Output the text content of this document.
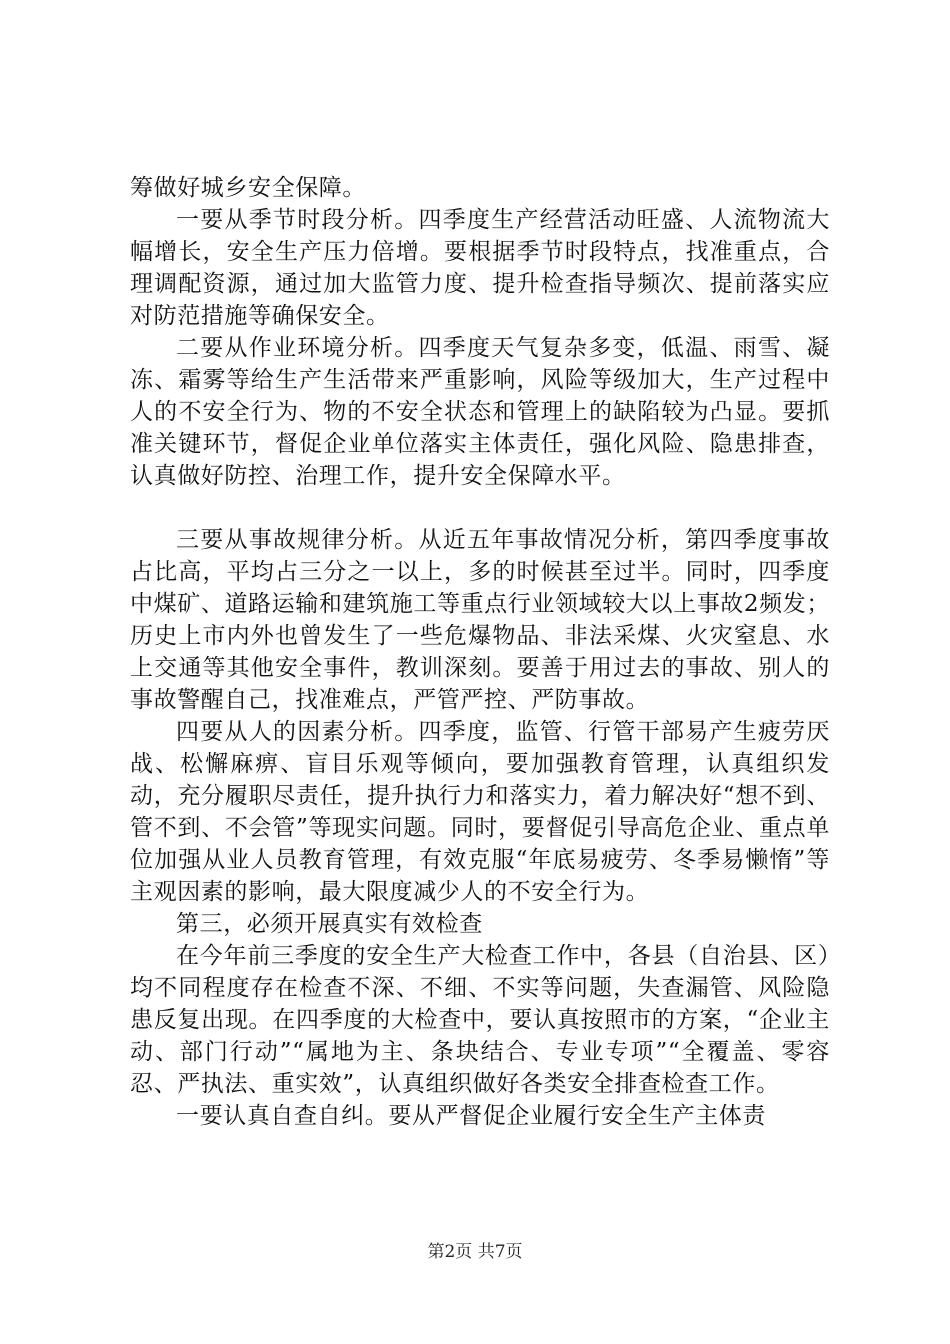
筹做好城乡安全保障。

一要从季节时段分析。四季度生产经营活动旺盛、人流物流大幅增长，安全生产压力倍增。要根据季节时段特点，找准重点，合理调配资源，通过加大监管力度、提升检查指导频次、提前落实应对防范措施等确保安全。

二要从作业环境分析。四季度天气复杂多变，低温、雨雪、凝冻、霜雾等给生产生活带来严重影响，风险等级加大，生产过程中人的不安全行为、物的不安全状态和管理上的缺陷较为凸显。要抓准关键环节，督促企业单位落实主体责任，强化风险、隐患排查，认真做好防控、治理工作，提升安全保障水平。

三要从事故规律分析。从近五年事故情况分析，第四季度事故占比高，平均占三分之一以上，多的时候甚至过半。同时，四季度中煤矿、道路运输和建筑施工等重点行业领域较大以上事故2频发；历史上市内外也曾发生了一些危爆物品、非法采煤、火灾窒息、水上交通等其他安全事件，教训深刻。要善于用过去的事故、别人的事故警醒自己，找准难点，严管严控、严防事故。

四要从人的因素分析。四季度，监管、行管干部易产生疲劳厌战、松懈麻痹、盲目乐观等倾向，要加强教育管理，认真组织发动，充分履职尽责任，提升执行力和落实力，着力解决好“想不到、管不到、不会管”等现实问题。同时，要督促引导高危企业、重点单位加强从业人员教育管理，有效克服“年底易疲劳、冬季易懒惰”等主观因素的影响，最大限度减少人的不安全行为。

第三，必须开展真实有效检查

在今年前三季度的安全生产大检查工作中，各县（自治县、区）均不同程度存在检查不深、不细、不实等问题，失查漏管、风险隐患反复出现。在四季度的大检查中，要认真按照市的方案，“企业主动、部门行动”“属地为主、条块结合、专业专项”“全覆盖、零容忍、严执法、重实效”，认真组织做好各类安全排查检查工作。

一要认真自查自纠。要从严督促企业履行安全生产主体责

第2页 共7页
